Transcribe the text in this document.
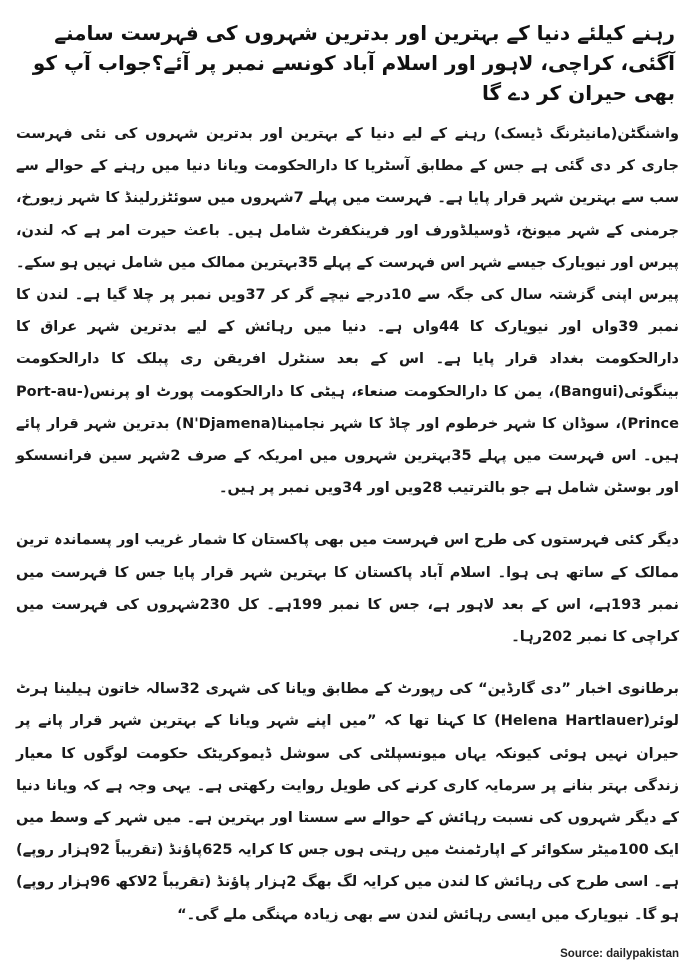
رہنے کیلئے دنیا کے بہترین اور بدترین شہروں کی فہرست سامنے آگئی، کراچی، لاہور اور اسلام آباد کونسے نمبر پر آئے؟جواب آپ کو بھی حیران کر دے گا

واشنگٹن(مانیٹرنگ ڈیسک) رہنے کے لیے دنیا کے بہترین اور بدترین شہروں کی نئی فہرست جاری کر دی گئی ہے جس کے مطابق آسٹریا کا دارالحکومت ویانا دنیا میں رہنے کے حوالے سے سب سے بہترین شہر قرار پایا ہے۔ فہرست میں پہلے 7شہروں میں سوئٹزرلینڈ کا شہر زیورخ، جرمنی کے شہر میونخ، ڈوسیلڈورف اور فرینکفرٹ شامل ہیں۔ باعث حیرت امر ہے کہ لندن، پیرس اور نیویارک جیسے شہر اس فہرست کے پہلے 35بہترین ممالک میں شامل نہیں ہو سکے۔ پیرس اپنی گزشتہ سال کی جگہ سے 10درجے نیچے گر کر 37ویں نمبر پر چلا گیا ہے۔ لندن کا نمبر 39واں اور نیویارک کا 44واں ہے۔ دنیا میں رہائش کے لیے بدترین شہر عراق کا دارالحکومت بغداد قرار پایا ہے۔ اس کے بعد سنٹرل افریقن ری پبلک کا دارالحکومت بینگوئی(Bangui)، یمن کا دارالحکومت صنعاء، ہیٹی کا دارالحکومت پورٹ او پرنس(Port-au-Prince)، سوڈان کا شہر خرطوم اور چاڈ کا شہر نجامینا(N'Djamena) بدترین شہر قرار پائے ہیں۔ اس فہرست میں پہلے 35بہترین شہروں میں امریکہ کے صرف 2شہر سین فرانسسکو اور بوسٹن شامل ہے جو بالترتیب 28ویں اور 34ویں نمبر پر ہیں۔

دیگر کئی فہرستوں کی طرح اس فہرست میں بھی پاکستان کا شمار غریب اور پسماندہ ترین ممالک کے ساتھ ہی ہوا۔ اسلام آباد پاکستان کا بہترین شہر قرار پایا جس کا فہرست میں نمبر 193ہے، اس کے بعد لاہور ہے، جس کا نمبر 199ہے۔ کل 230شہروں کی فہرست میں کراچی کا نمبر 202رہا۔

برطانوی اخبار ”دی گارڈین“ کی رپورٹ کے مطابق ویانا کی شہری 32سالہ خاتون ہیلینا ہرٹ لوئر(Helena Hartlauer) کا کہنا تھا کہ ”میں اپنے شہر ویانا کے بہترین شہر قرار پانے پر حیران نہیں ہوئی کیونکہ یہاں میونسپلٹی کی سوشل ڈیموکریٹک حکومت لوگوں کا معیار زندگی بہتر بنانے پر سرمایہ کاری کرنے کی طویل روایت رکھتی ہے۔ یہی وجہ ہے کہ ویانا دنیا کے دیگر شہروں کی نسبت رہائش کے حوالے سے سستا اور بہترین ہے۔ میں شہر کے وسط میں ایک 100میٹر سکوائر کے اپارٹمنٹ میں رہتی ہوں جس کا کرایہ 625پاﺅنڈ (تقریباً 92ہزار روپے) ہے۔ اسی طرح کی رہائش کا لندن میں کرایہ لگ بھگ 2ہزار پاﺅنڈ (تقریباً 2لاکھ 96ہزار روپے) ہو گا۔ نیویارک میں ایسی رہائش لندن سے بھی زیادہ مہنگی ملے گی۔“

Source: dailypakistan
